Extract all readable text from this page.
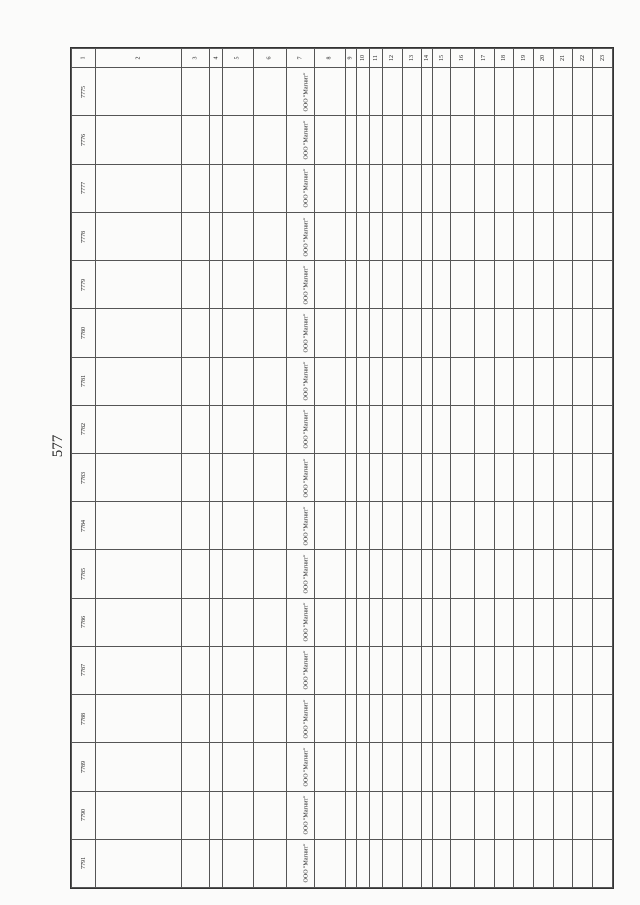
577
1	2	3	4	5	6	7	8	9	10	11	12	13	14	15	16	17	18	19	20	21	22	23
7775						ООО "Магнит"																
7776						ООО "Магнит"																
7777						ООО "Магнит"																
7778						ООО "Магнит"																
7779						ООО "Магнит"																
7780						ООО "Магнит"																
7781						ООО "Магнит"																
7782						ООО "Магнит"																
7783						ООО "Магнит"																
7784						ООО "Магнит"																
7785						ООО "Магнит"																
7786						ООО "Магнит"																
7787						ООО "Магнит"																
7788						ООО "Магнит"																
7789						ООО "Магнит"																
7790						ООО "Магнит"																
7791						ООО "Магнит"																
